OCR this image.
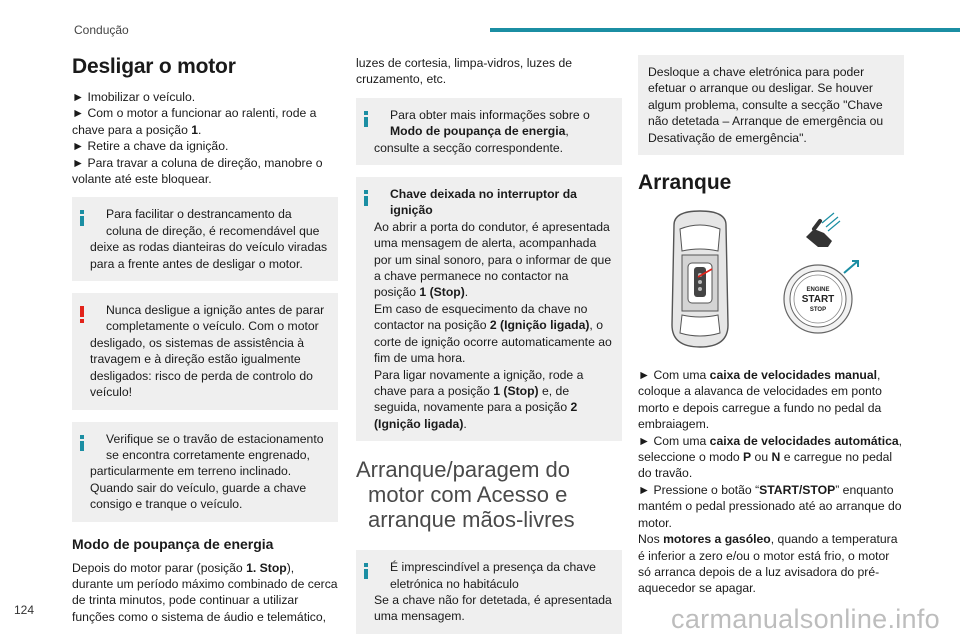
Condução
Desligar o motor

► Imobilizar o veículo.
► Com o motor a funcionar ao ralenti, rode a
chave para a posição 1.
► Retire a chave da ignição.
► Para travar a coluna de direção, manobre o
volante até este bloquear.

Para facilitar o destrancamento da
coluna de direção, é recomendável que
deixe as rodas dianteiras do veículo viradas para a frente antes de desligar o motor.
Nunca desligue a ignição antes de parar
completamente o veículo. Com o motor
desligado, os sistemas de assistência à travagem e à direção estão igualmente desligados: risco de perda de controlo do veículo!
Verifique se o travão de estacionamento
se encontra corretamente engrenado,
particularmente em terreno inclinado. Quando sair do veículo, guarde a chave consigo e tranque o veículo.
Modo de poupança de energia

Depois do motor parar (posição 1. Stop), durante um período máximo combinado de cerca de trinta minutos, pode continuar a utilizar funções como o sistema de áudio e telemático,

luzes de cortesia, limpa-vidros, luzes de cruzamento, etc.

Para obter mais informações sobre o
Modo de poupança de energia, consulte a secção correspondente.
Chave deixada no interruptor da
ignição
Ao abrir a porta do condutor, é apresentada uma mensagem de alerta, acompanhada por um sinal sonoro, para o informar de que a chave permanece no contactor na posição 1 (Stop).
Em caso de esquecimento da chave no contactor na posição 2 (Ignição ligada), o corte de ignição ocorre automaticamente ao fim de uma hora.
Para ligar novamente a ignição, rode a chave para a posição 1 (Stop) e, de seguida, novamente para a posição 2 (Ignição ligada).
Arranque/paragem do
motor com Acesso e
arranque mãos-livres
É imprescindível a presença da chave
eletrónica no habitáculo
Se a chave não for detetada, é apresentada uma mensagem.
Desloque a chave eletrónica para poder efetuar o arranque ou desligar. Se houver algum problema, consulte a secção "Chave não detetada – Arranque de emergência ou Desativação de emergência".
Arranque
ENGINE
START
STOP

► Com uma caixa de velocidades manual, coloque a alavanca de velocidades em ponto morto e depois carregue a fundo no pedal da embraiagem.
► Com uma caixa de velocidades automática, seleccione o modo P ou N e carregue no pedal do travão.
► Pressione o botão “START/STOP” enquanto mantém o pedal pressionado até ao arranque do motor.
Nos motores a gasóleo, quando a temperatura é inferior a zero e/ou o motor está frio, o motor só arranca depois de a luz avisadora do pré-aquecedor se apagar.

124	carmanualsonline.info
